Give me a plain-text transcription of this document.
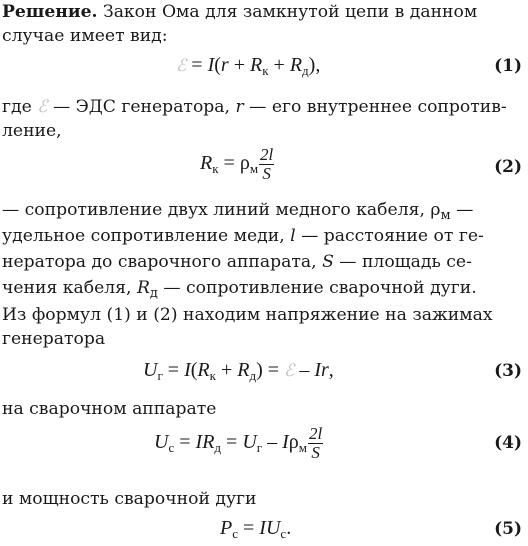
Решение. Закон Ома для замкнутой цепи в данном
случае имеет вид:
ℰ = $I(r + R_к + R_д)$,	(1)
где ℰ — ЭДС генератора, r — его внутреннее сопротив-
ление,
$R_к = \rho_м \frac{2l}{S}$	(2)
— сопротивление двух линий медного кабеля, $\rho_м$ —
удельное сопротивление меди, l — расстояние от ге-
нератора до сварочного аппарата, S — площадь се-
чения кабеля, $R_д$ — сопротивление сварочной дуги.
Из формул (1) и (2) находим напряжение на зажимах
генератора
$U_г = I(R_к + R_д)$ = ℰ – Ir,	(3)
на сварочном аппарате
$U_с = IR_д = U_г - I\rho_м \frac{2l}{S}$	(4)
и мощность сварочной дуги
$P_с = IU_с$.	(5)
